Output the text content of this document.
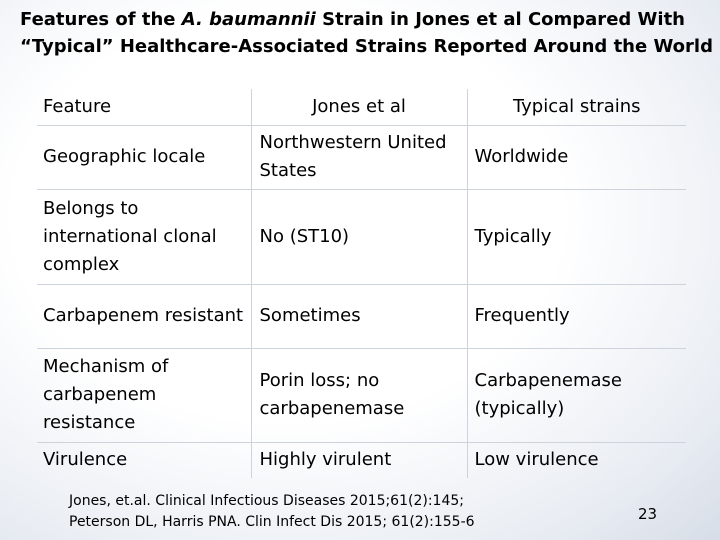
Features of the A. baumannii Strain in Jones et al Compared With
“Typical” Healthcare-Associated Strains Reported Around the World
Feature	Jones et al	Typical strains
Geographic locale	Northwestern United States	Worldwide
Belongs to international clonal complex	No (ST10)	Typically
Carbapenem resistant	Sometimes	Frequently
Mechanism of carbapenem resistance	Porin loss; no carbapenemase	Carbapenemase (typically)
Virulence	Highly virulent	Low virulence
Jones, et.al. Clinical Infectious Diseases 2015;61(2):145;
Peterson DL, Harris PNA. Clin Infect Dis 2015; 61(2):155-6	23
